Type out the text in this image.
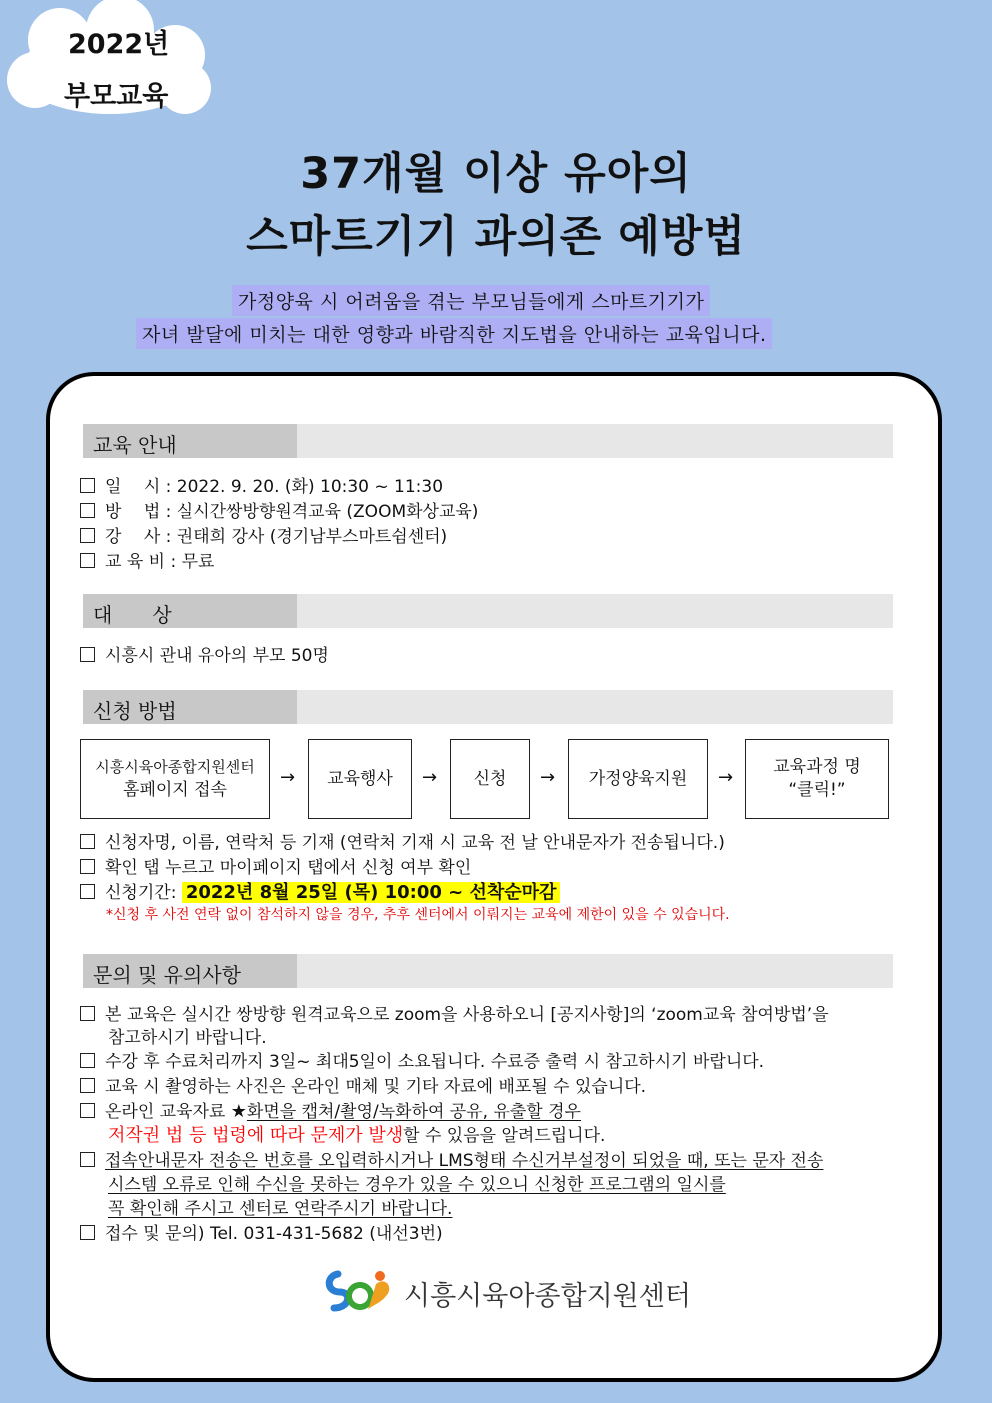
2022년
부모교육
37개월 이상 유아의
스마트기기 과의존 예방법
가정양육 시 어려움을 겪는 부모님들에게 스마트기기가
자녀 발달에 미치는 대한 영향과 바람직한 지도법을 안내하는 교육입니다.
교육 안내
일　 시 : 2022. 9. 20. (화) 10:30 ~ 11:30
방　 법 : 실시간쌍방향원격교육 (ZOOM화상교육)
강　 사 : 권태희 강사 (경기남부스마트쉼센터)
교 육 비 : 무료
대　　상
시흥시 관내 유아의 부모 50명
신청 방법
시흥시육아종합지원센터
홈페이지 접속
→ 교육행사 → 신청 → 가정양육지원 → 교육과정 명
“클릭!”
신청자명, 이름, 연락처 등 기재 (연락처 기재 시 교육 전 날 안내문자가 전송됩니다.)
확인 탭 누르고 마이페이지 탭에서 신청 여부 확인
신청기간: 2022년 8월 25일 (목) 10:00 ~ 선착순마감
*신청 후 사전 연락 없이 참석하지 않을 경우, 추후 센터에서 이뤄지는 교육에 제한이 있을 수 있습니다.
문의 및 유의사항
본 교육은 실시간 쌍방향 원격교육으로 zoom을 사용하오니 [공지사항]의 ‘zoom교육 참여방법’을
참고하시기 바랍니다.
수강 후 수료처리까지 3일~ 최대5일이 소요됩니다. 수료증 출력 시 참고하시기 바랍니다.
교육 시 촬영하는 사진은 온라인 매체 및 기타 자료에 배포될 수 있습니다.
온라인 교육자료 ★화면을 캡쳐/촬영/녹화하여 공유, 유출할 경우
저작권 법 등 법령에 따라 문제가 발생할 수 있음을 알려드립니다.
접속안내문자 전송은 번호를 오입력하시거나 LMS형태 수신거부설정이 되었을 때, 또는 문자 전송
시스템 오류로 인해 수신을 못하는 경우가 있을 수 있으니 신청한 프로그램의 일시를
꼭 확인해 주시고 센터로 연락주시기 바랍니다.
접수 및 문의) Tel. 031-431-5682 (내선3번)
시흥시육아종합지원센터
